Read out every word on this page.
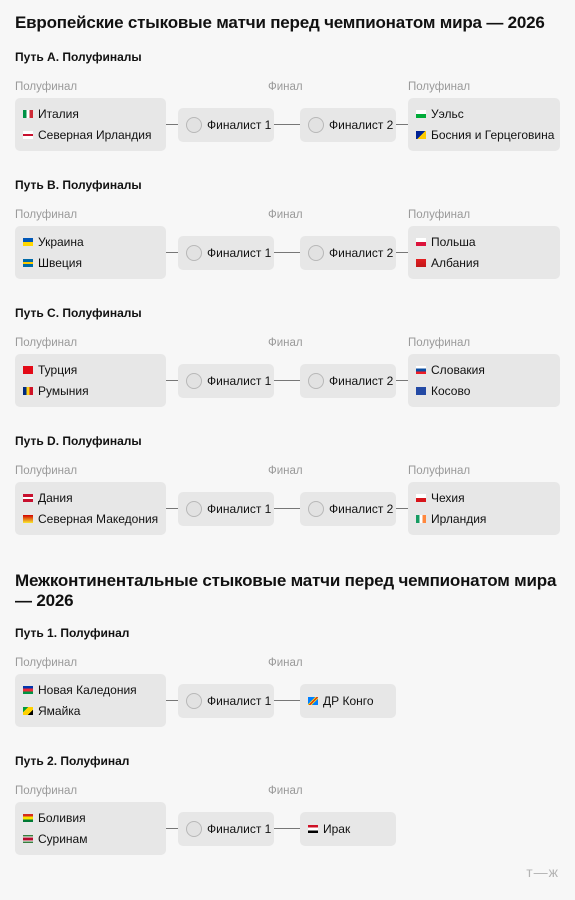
Европейские стыковые матчи перед чемпионатом мира — 2026
Путь A. Полуфиналы
Полуфинал	Финал	Полуфинал
Италия
Северная Ирландия
Финалист 1	Финалист 2
Уэльс
Босния и Герцеговина
Путь B. Полуфиналы
Полуфинал	Финал	Полуфинал
Украина
Швеция
Финалист 1	Финалист 2
Польша
Албания
Путь C. Полуфиналы
Полуфинал	Финал	Полуфинал
Турция
Румыния
Финалист 1	Финалист 2
Словакия
Косово
Путь D. Полуфиналы
Полуфинал	Финал	Полуфинал
Дания
Северная Македония
Финалист 1	Финалист 2
Чехия
Ирландия
Межконтинентальные стыковые матчи перед чемпионатом мира — 2026
Путь 1. Полуфинал
Полуфинал	Финал
Новая Каледония
Ямайка
Финалист 1	ДР Конго
Путь 2. Полуфинал
Полуфинал	Финал
Боливия
Суринам
Финалист 1	Ирак
т—ж
